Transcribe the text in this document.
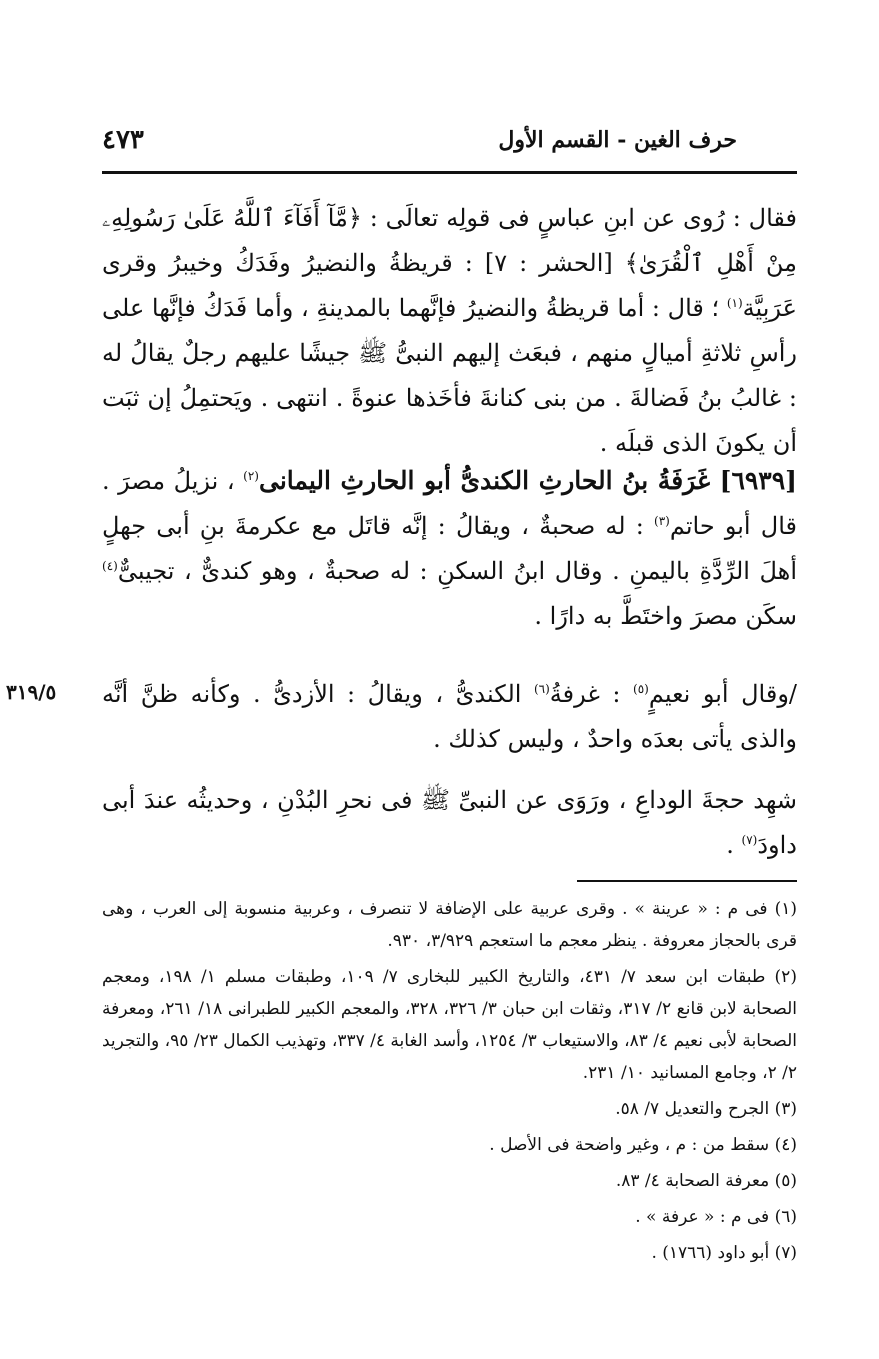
٤٧٣	حرف الغين - القسم الأول

فقال : رُوى عن ابنِ عباسٍ فى قولِه تعالَى : ﴿مَّآ أَفَآءَ ٱللَّهُ عَلَىٰ رَسُولِهِۦ مِنْ أَهْلِ ٱلْقُرَىٰ﴾ [الحشر : ٧] : قريظةُ والنضيرُ وفَدَكُ وخيبرُ وقرى عَرَبِيَّة$^{(١)}$ ؛ قال : أما قريظةُ والنضيرُ فإنَّهما بالمدينةِ ، وأما فَدَكُ فإنَّها على رأسِ ثلاثةِ أميالٍ منهم ، فبعَث إليهم النبىُّ ﷺ جيشًا عليهم رجلٌ يقالُ له : غالبُ بنُ فَضالةَ . من بنى كنانةَ فأخَذها عنوةً . انتهى . ويَحتمِلُ إن ثبَت أن يكونَ الذى قبلَه .

[٦٩٣٩] غَرَفَةُ بنُ الحارثِ الكندىُّ أبو الحارثِ اليمانى$^{(٢)}$ ، نزيلُ مصرَ . قال أبو حاتم$^{(٣)}$ : له صحبةٌ ، ويقالُ : إنَّه قاتَل مع عكرمةَ بنِ أبى جهلٍ أهلَ الرِّدَّةِ باليمنِ . وقال ابنُ السكنِ : له صحبةٌ ، وهو كندىٌّ ، تجيبىٌّ$^{(٤)}$ سكَن مصرَ واختَطَّ به دارًا .

٣١٩/٥	/وقال أبو نعيمٍ$^{(٥)}$ : غرفةُ$^{(٦)}$ الكندىُّ ، ويقالُ : الأزدىُّ . وكأنه ظنَّ أنَّه والذى يأتى بعدَه واحدٌ ، وليس كذلك .

شهِد حجةَ الوداعِ ، ورَوَى عن النبىِّ ﷺ فى نحرِ البُدْنِ ، وحديثُه عندَ أبى داودَ$^{(٧)}$ .

(١) فى م : « عرينة » . وقرى عربية على الإضافة لا تنصرف ، وعربية منسوبة إلى العرب ، وهى قرى بالحجاز معروفة . ينظر معجم ما استعجم ٣/٩٢٩، ٩٣٠.

(٢) طبقات ابن سعد ٧/ ٤٣١، والتاريخ الكبير للبخارى ٧/ ١٠٩، وطبقات مسلم ١/ ١٩٨، ومعجم الصحابة لابن قانع ٢/ ٣١٧، وثقات ابن حبان ٣/ ٣٢٦، ٣٢٨، والمعجم الكبير للطبرانى ١٨/ ٢٦١، ومعرفة الصحابة لأبى نعيم ٤/ ٨٣، والاستيعاب ٣/ ١٢٥٤، وأسد الغابة ٤/ ٣٣٧، وتهذيب الكمال ٢٣/ ٩٥، والتجريد ٢/ ٢، وجامع المسانيد ١٠/ ٢٣١.

(٣) الجرح والتعديل ٧/ ٥٨.

(٤) سقط من : م ، وغير واضحة فى الأصل .

(٥) معرفة الصحابة ٤/ ٨٣.

(٦) فى م : « عرفة » .

(٧) أبو داود (١٧٦٦) .
